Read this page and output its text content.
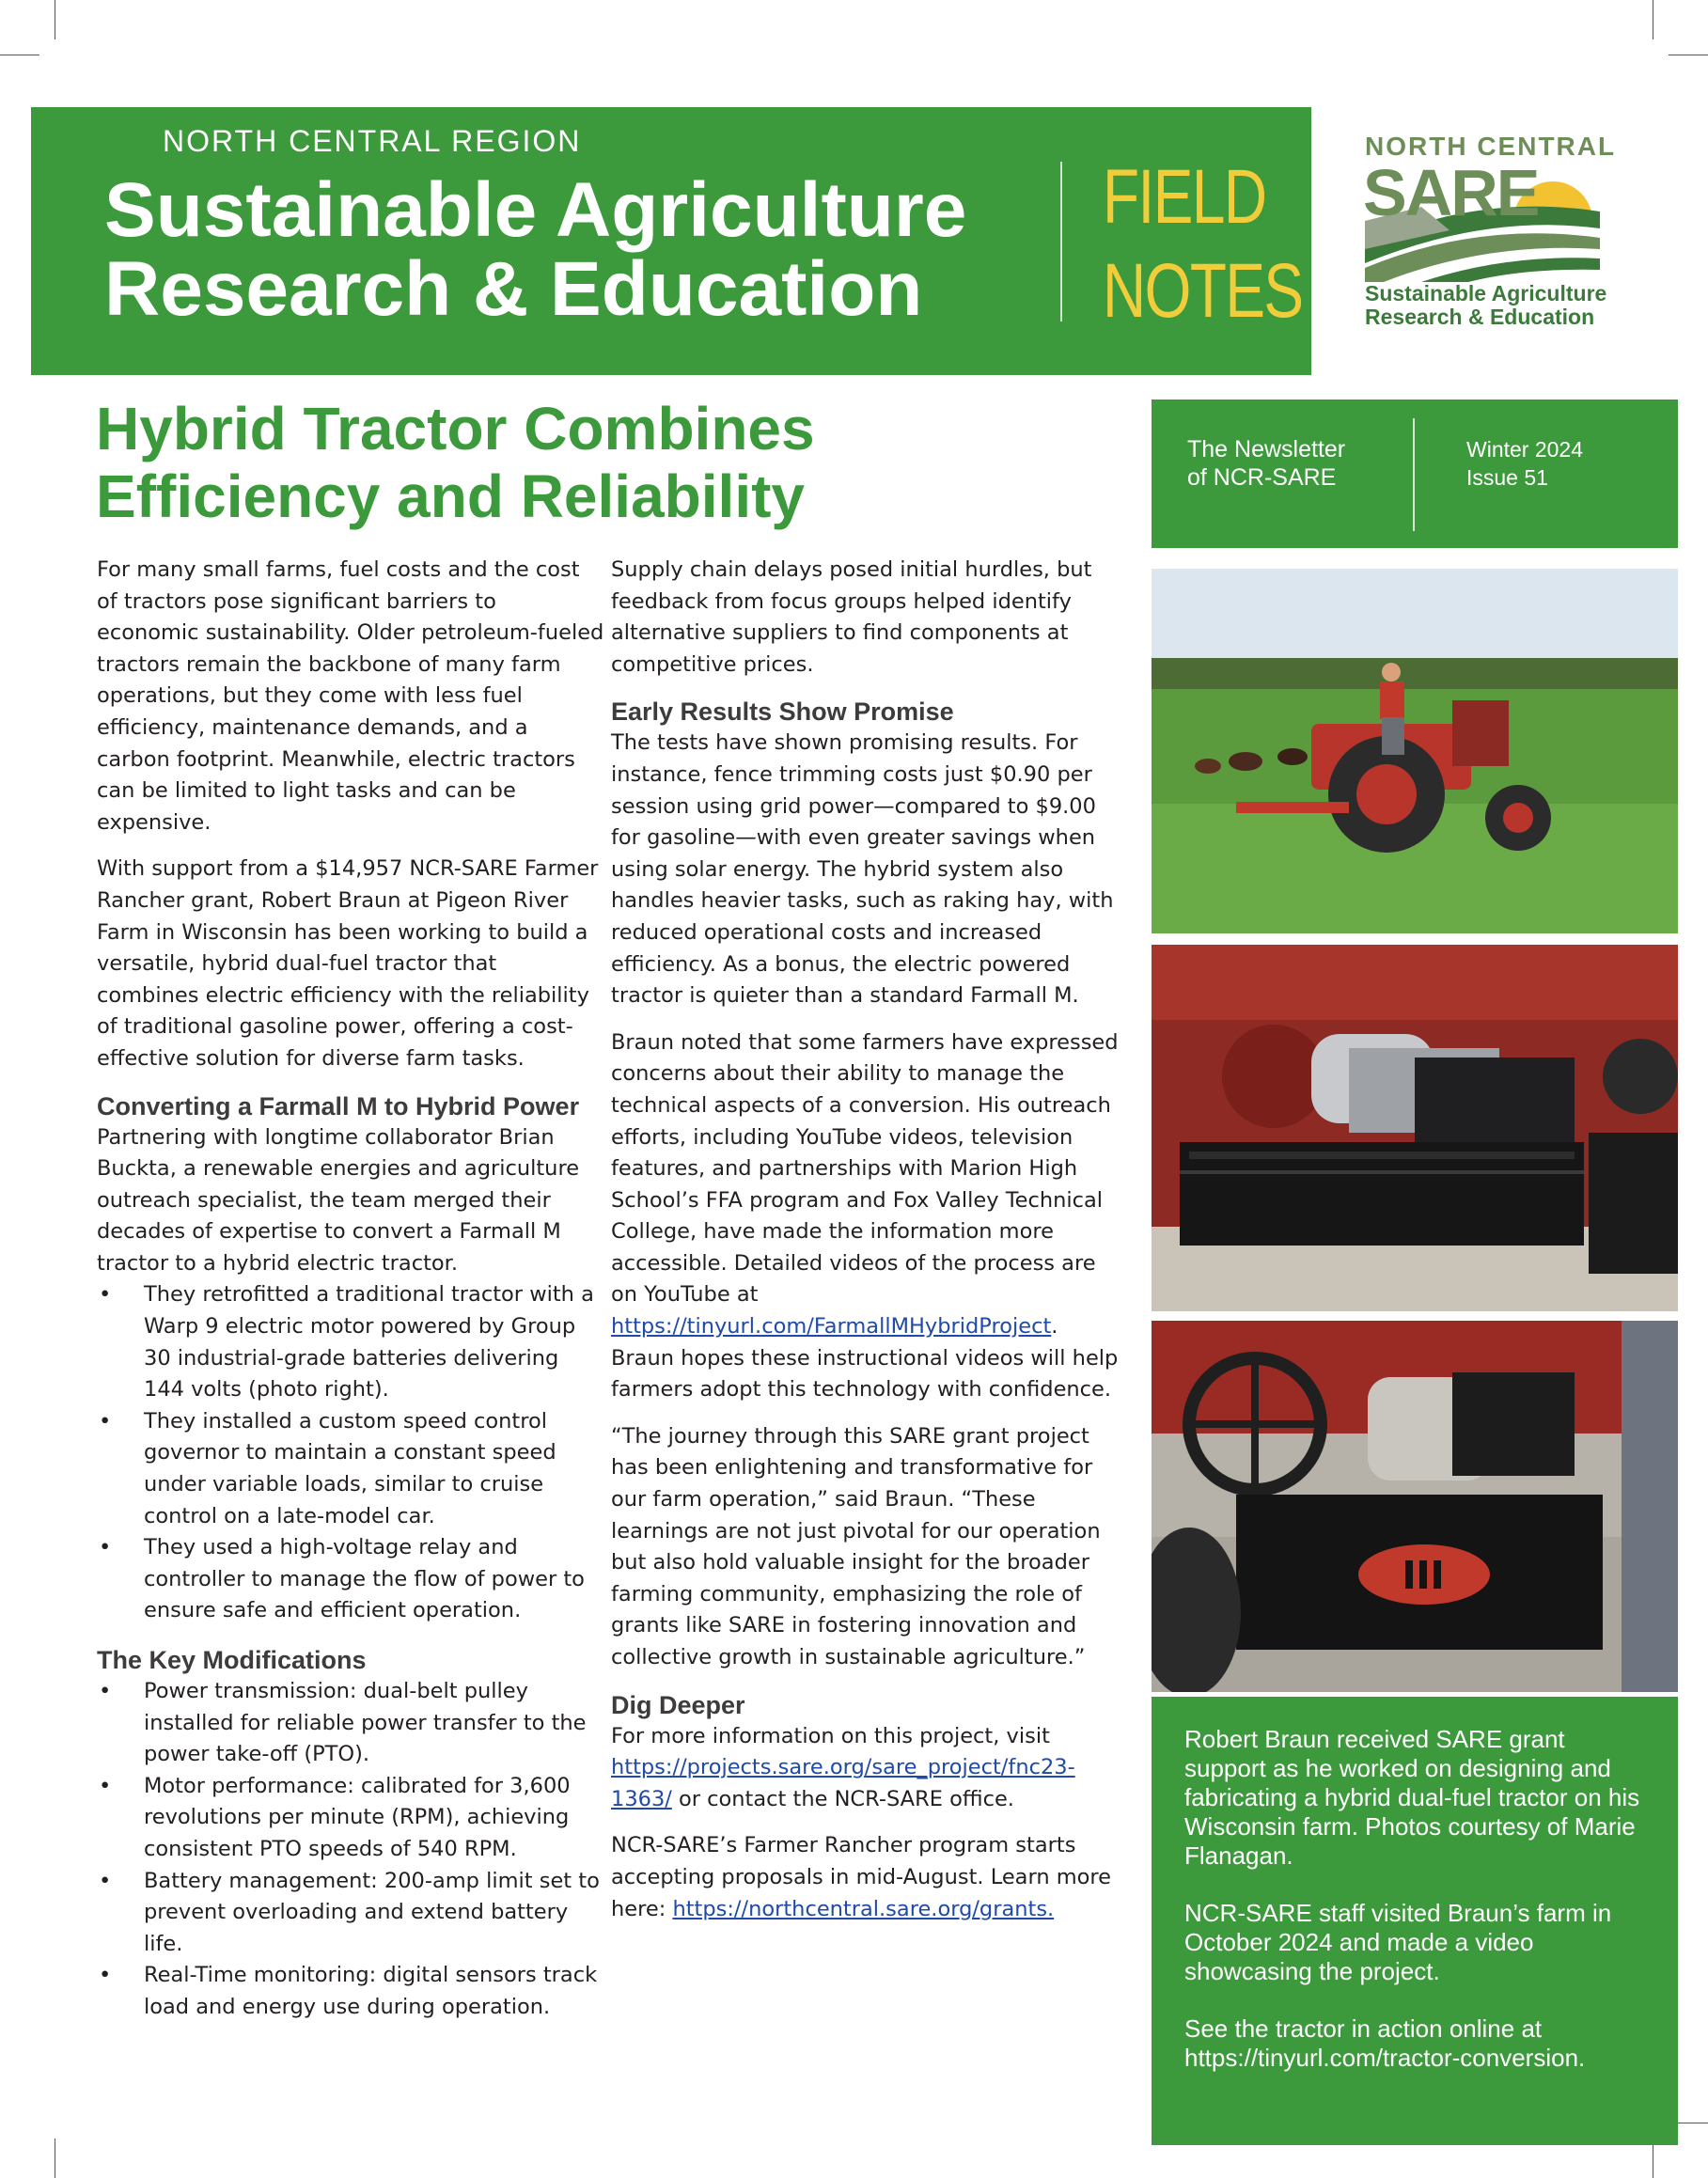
NORTH CENTRAL REGION
Sustainable Agriculture
Research & Education
FIELD
NOTES
NORTH CENTRAL
SARE
Sustainable Agriculture
Research & Education
Hybrid Tractor Combines
Efficiency and Reliability

For many small farms, fuel costs and the cost of tractors pose significant barriers to economic sustainability. Older petroleum-fueled tractors remain the backbone of many farm operations, but they come with less fuel efficiency, maintenance demands, and a carbon footprint. Meanwhile, electric tractors can be limited to light tasks and can be expensive.

With support from a $14,957 NCR-SARE Farmer Rancher grant, Robert Braun at Pigeon River Farm in Wisconsin has been working to build a versatile, hybrid dual-fuel tractor that combines electric efficiency with the reliability of traditional gasoline power, offering a cost-effective solution for diverse farm tasks.

Converting a Farmall M to Hybrid Power

Partnering with longtime collaborator Brian Buckta, a renewable energies and agriculture outreach specialist, the team merged their decades of expertise to convert a Farmall M tractor to a hybrid electric tractor.

• They retrofitted a traditional tractor with a Warp 9 electric motor powered by Group 30 industrial-grade batteries delivering 144 volts (photo right).
• They installed a custom speed control governor to maintain a constant speed under variable loads, similar to cruise control on a late-model car.
• They used a high-voltage relay and controller to manage the flow of power to ensure safe and efficient operation.
The Key Modifications
• Power transmission: dual-belt pulley installed for reliable power transfer to the power take-off (PTO).
• Motor performance: calibrated for 3,600 revolutions per minute (RPM), achieving consistent PTO speeds of 540 RPM.
• Battery management: 200-amp limit set to prevent overloading and extend battery life.
• Real-Time monitoring: digital sensors track load and energy use during operation.

Supply chain delays posed initial hurdles, but feedback from focus groups helped identify alternative suppliers to find components at competitive prices.

Early Results Show Promise

The tests have shown promising results. For instance, fence trimming costs just $0.90 per session using grid power—compared to $9.00 for gasoline—with even greater savings when using solar energy. The hybrid system also handles heavier tasks, such as raking hay, with reduced operational costs and increased efficiency. As a bonus, the electric powered tractor is quieter than a standard Farmall M.

Braun noted that some farmers have expressed concerns about their ability to manage the technical aspects of a conversion. His outreach efforts, including YouTube videos, television features, and partnerships with Marion High School’s FFA program and Fox Valley Technical College, have made the information more accessible. Detailed videos of the process are on YouTube at https://tinyurl.com/FarmallMHybridProject. Braun hopes these instructional videos will help farmers adopt this technology with confidence.

“The journey through this SARE grant project has been enlightening and transformative for our farm operation,” said Braun. “These learnings are not just pivotal for our operation but also hold valuable insight for the broader farming community, emphasizing the role of grants like SARE in fostering innovation and collective growth in sustainable agriculture.”

Dig Deeper

For more information on this project, visit https://projects.sare.org/sare_project/fnc23-1363/ or contact the NCR-SARE office.

NCR-SARE’s Farmer Rancher program starts accepting proposals in mid-August. Learn more here: https://northcentral.sare.org/grants.

The Newsletter
of NCR-SARE
Winter 2024
Issue 51

Robert Braun received SARE grant support as he worked on designing and fabricating a hybrid dual-fuel tractor on his Wisconsin farm. Photos courtesy of Marie Flanagan.

NCR-SARE staff visited Braun’s farm in October 2024 and made a video showcasing the project.

See the tractor in action online at https://tinyurl.com/tractor-conversion.
